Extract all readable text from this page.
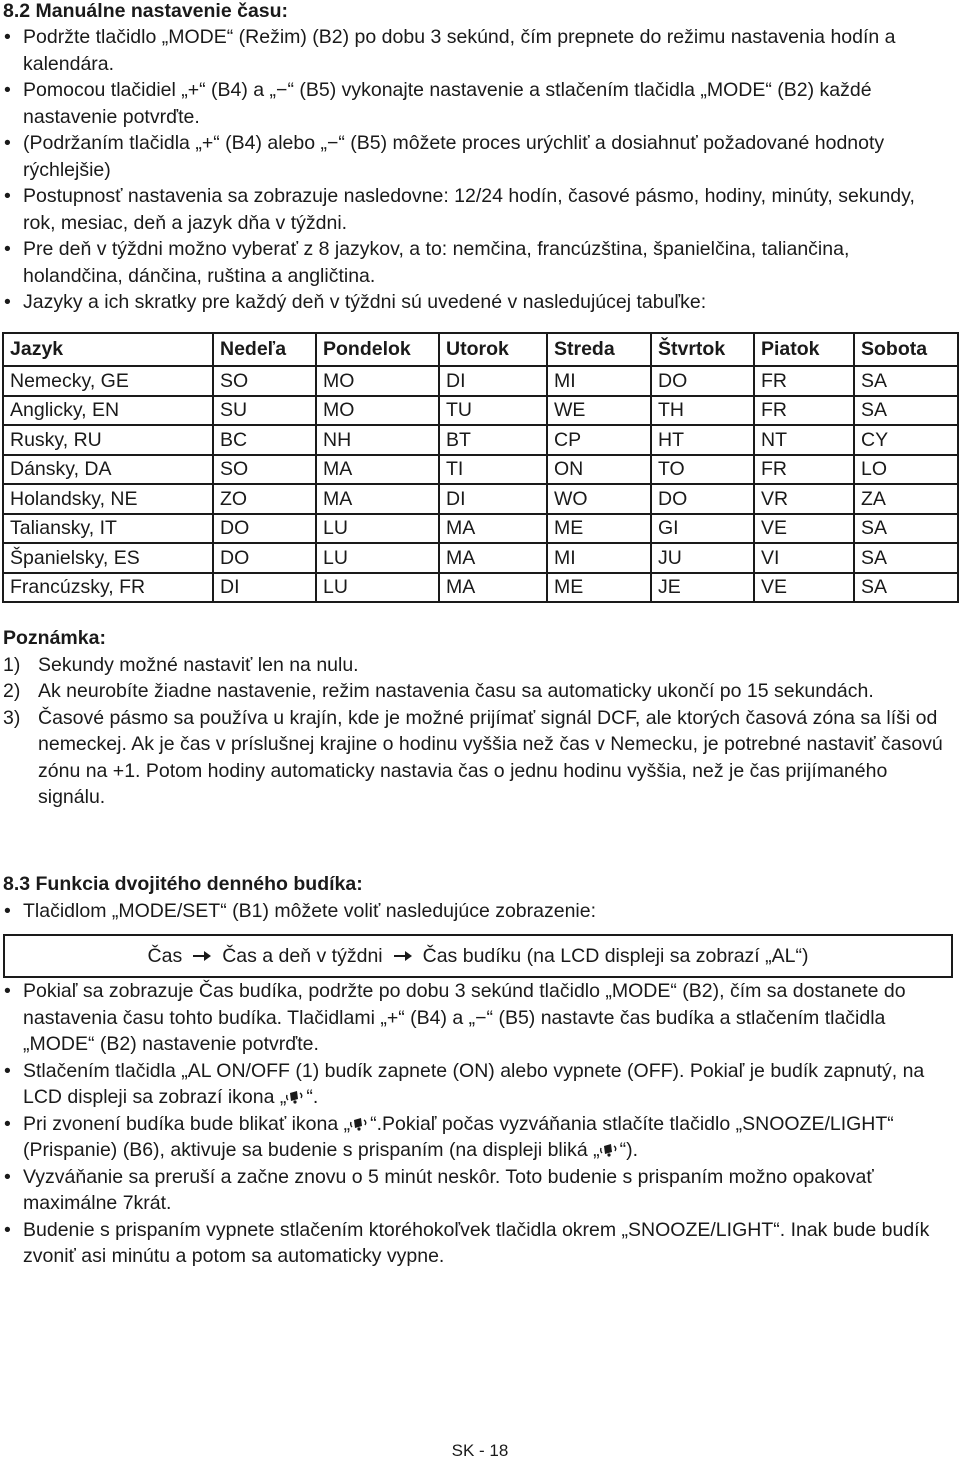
8.2 Manuálne nastavenie času:
• Podržte tlačidlo „MODE“ (Režim) (B2) po dobu 3 sekúnd, čím prepnete do režimu nastavenia hodín a kalendára.
• Pomocou tlačidiel „+“ (B4) a „−“ (B5) vykonajte nastavenie a stlačením tlačidla „MODE“ (B2) každé nastavenie potvrďte.
• (Podržaním tlačidla „+“ (B4) alebo „−“ (B5) môžete proces urýchliť a dosiahnuť požadované hodnoty rýchlejšie)
• Postupnosť nastavenia sa zobrazuje nasledovne: 12/24 hodín, časové pásmo, hodiny, minúty, sekundy, rok, mesiac, deň a jazyk dňa v týždni.
• Pre deň v týždni možno vyberať z 8 jazykov, a to: nemčina, francúzština, španielčina, taliančina, holandčina, dánčina, ruština a angličtina.
• Jazyky a ich skratky pre každý deň v týždni sú uvedené v nasledujúcej tabuľke:
Jazyk	Nedeľa	Pondelok	Utorok	Streda	Štvrtok	Piatok	Sobota
Nemecky, GE	SO	MO	DI	MI	DO	FR	SA
Anglicky, EN	SU	MO	TU	WE	TH	FR	SA
Rusky, RU	BC	NH	BT	CP	HT	NT	CY
Dánsky, DA	SO	MA	TI	ON	TO	FR	LO
Holandsky, NE	ZO	MA	DI	WO	DO	VR	ZA
Taliansky, IT	DO	LU	MA	ME	GI	VE	SA
Španielsky, ES	DO	LU	MA	MI	JU	VI	SA
Francúzsky, FR	DI	LU	MA	ME	JE	VE	SA
Poznámka:
1) Sekundy možné nastaviť len na nulu.
2) Ak neurobíte žiadne nastavenie, režim nastavenia času sa automaticky ukončí po 15 sekundách.
3) Časové pásmo sa používa u krajín, kde je možné prijímať signál DCF, ale ktorých časová zóna sa líši od nemeckej. Ak je čas v príslušnej krajine o hodinu vyššia než čas v Nemecku, je potrebné nastaviť časovú zónu na +1. Potom hodiny automaticky nastavia čas o jednu hodinu vyššia, než je čas prijímaného signálu.
8.3 Funkcia dvojitého denného budíka:
• Tlačidlom „MODE/SET“ (B1) môžete voliť nasledujúce zobrazenie:
Čas Čas a deň v týždni Čas budíku (na LCD displeji sa zobrazí „AL“)
• Pokiaľ sa zobrazuje Čas budíka, podržte po dobu 3 sekúnd tlačidlo „MODE“ (B2), čím sa dostanete do nastavenia času tohto budíka. Tlačidlami „+“ (B4) a „−“ (B5) nastavte čas budíka a stlačením tlačidla „MODE“ (B2) nastavenie potvrďte.
• Stlačením tlačidla „AL ON/OFF (1) budík zapnete (ON) alebo vypnete (OFF). Pokiaľ je budík zapnutý, na LCD displeji sa zobrazí ikona „ “.
• Pri zvonení budíka bude blikať ikona „ “.Pokiaľ počas vyzváňania stlačíte tlačidlo „SNOOZE/LIGHT“ (Prispanie) (B6), aktivuje sa budenie s prispaním (na displeji bliká „ “).
• Vyzváňanie sa preruší a začne znovu o 5 minút neskôr. Toto budenie s prispaním možno opakovať maximálne 7krát.
• Budenie s prispaním vypnete stlačením ktoréhokoľvek tlačidla okrem „SNOOZE/LIGHT“. Inak bude budík zvoniť asi minútu a potom sa automaticky vypne.
SK - 18
